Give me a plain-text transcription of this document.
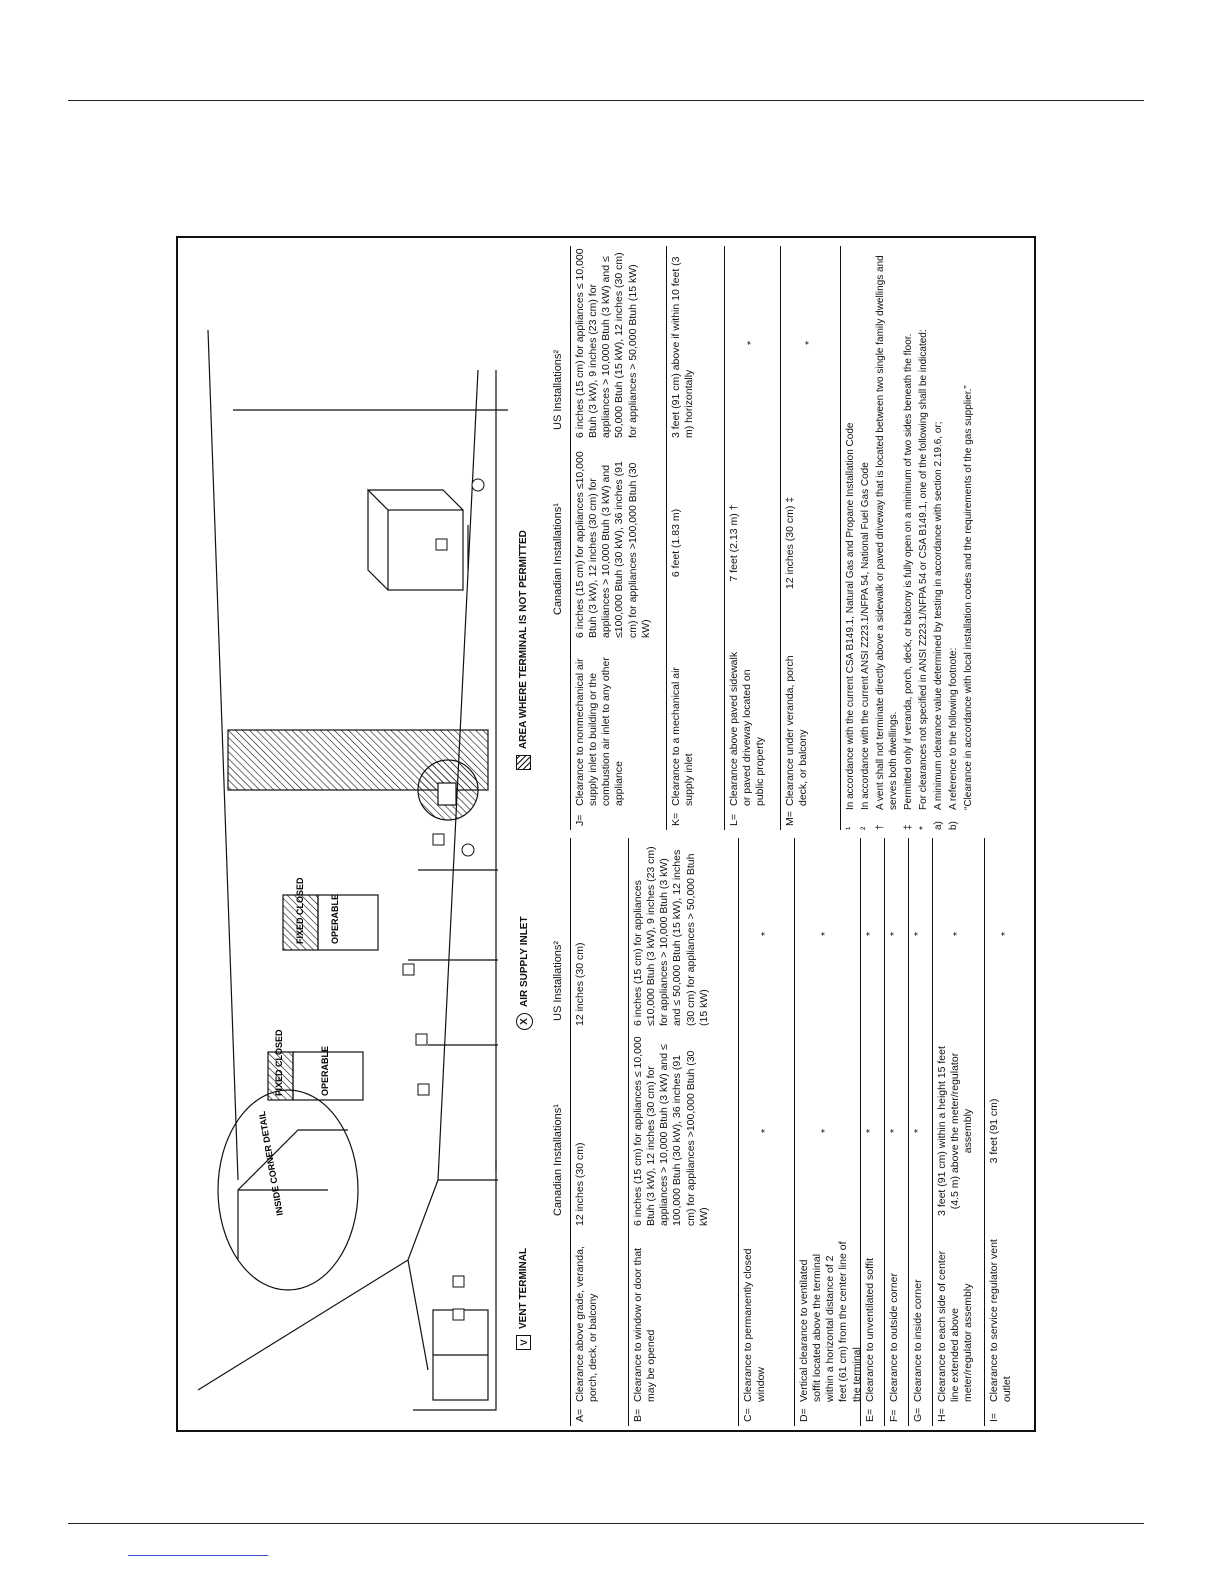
INSIDE CORNER DETAIL
FIXED CLOSED	OPERABLE
FIXED CLOSED	OPERABLE
V
VENT TERMINAL
X
AIR SUPPLY INLET
AREA WHERE TERMINAL IS NOT PERMITTED
Canadian Installations¹
US Installations²
A=
Clearance above grade, veranda, porch, deck, or balcony
12 inches (30 cm)
12 inches (30 cm)
B=
Clearance to window or door that may be opened
6 inches (15 cm) for appliances ≤ 10,000 Btuh (3 kW), 12 inches (30 cm) for appliances > 10,000 Btuh (3 kW) and ≤ 100,000 Btuh (30 kW), 36 inches (91 cm) for appliances >100,000 Btuh (30 kW)
6 inches (15 cm) for appliances ≤10,000 Btuh (3 kW), 9 inches (23 cm) for appliances > 10,000 Btuh (3 kW) and ≤ 50,000 Btuh (15 kW), 12 inches (30 cm) for appliances > 50,000 Btuh (15 kW)
C=
Clearance to permanently closed window
*
*
D=
Vertical clearance to ventilated soffit located above the terminal within a horizontal distance of 2 feet (61 cm) from the center line of the terminal
*
*
E=
Clearance to unventilated soffit
*
*
F=
Clearance to outside corner
*
*
G=
Clearance to inside corner
*
*
H=
Clearance to each side of center line extended above meter/regulator assembly
3 feet (91 cm) within a height 15 feet (4.5 m) above the meter/regulator assembly
*
I=
Clearance to service regulator vent outlet
3 feet (91 cm)
*
Canadian Installations¹
US Installations²
J=
Clearance to nonmechanical air supply inlet to building or the combustion air inlet to any other appliance
6 inches (15 cm) for appliances ≤10,000 Btuh (3 kW), 12 inches (30 cm) for appliances > 10,000 Btuh (3 kW) and ≤100,000 Btuh (30 kW), 36 inches (91 cm) for appliances >100,000 Btuh (30 kW)
6 inches (15 cm) for appliances ≤ 10,000 Btuh (3 kW), 9 inches (23 cm) for appliances > 10,000 Btuh (3 kW) and ≤ 50,000 Btuh (15 kW), 12 inches (30 cm) for appliances > 50,000 Btuh (15 kW)
K=
Clearance to a mechanical air supply inlet
6 feet (1.83 m)
3 feet (91 cm) above if within 10 feet (3 m) horizontally
L=
Clearance above paved sidewalk or paved driveway located on public property
7 feet (2.13 m) †
*
M=
Clearance under veranda, porch deck, or balcony
12 inches (30 cm) ‡
*
¹
In accordance with the current CSA B149.1, Natural Gas and Propane Installation Code
²
In accordance with the current ANSI Z223.1/NFPA 54, National Fuel Gas Code
†
A vent shall not terminate directly above a sidewalk or paved driveway that is located between two single family dwellings and serves both dwellings.
‡
Permitted only if veranda, porch, deck, or balcony is fully open on a minimum of two sides beneath the floor.
*
For clearances not specified in ANSI Z223.1/NFPA 54 or CSA B149.1, one of the following shall be indicated:
a)
A minimum clearance value determined by testing in accordance with section 2.19.6, or;
b)
A reference to the following footnote: “Clearance in accordance with local installation codes and the requirements of the gas supplier.”
